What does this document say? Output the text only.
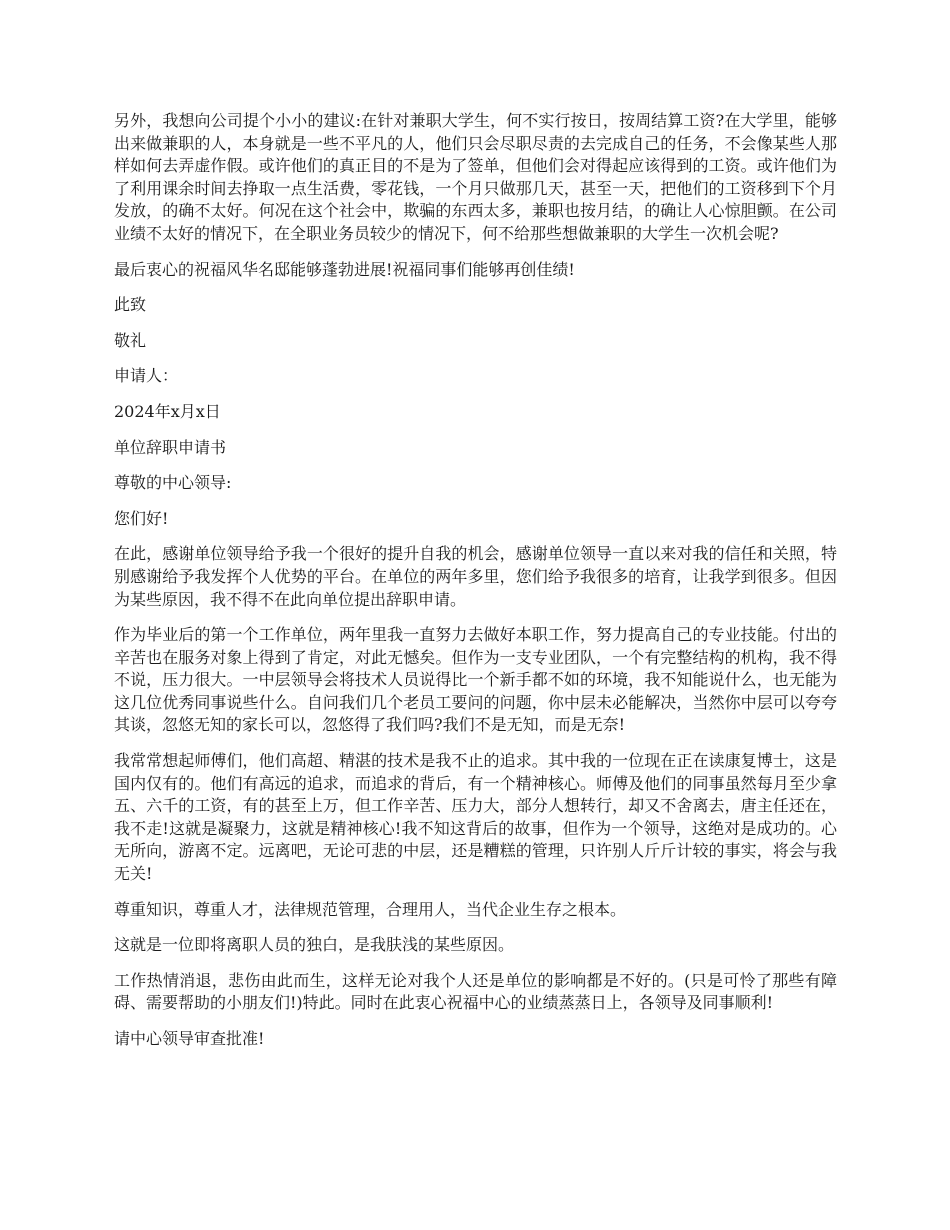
另外，我想向公司提个小小的建议:在针对兼职大学生，何不实行按日，按周结算工资?在大学里，能够出来做兼职的人，本身就是一些不平凡的人，他们只会尽职尽责的去完成自己的任务，不会像某些人那样如何去弄虚作假。或许他们的真正目的不是为了签单，但他们会对得起应该得到的工资。或许他们为了利用课余时间去挣取一点生活费，零花钱，一个月只做那几天，甚至一天，把他们的工资移到下个月发放，的确不太好。何况在这个社会中，欺骗的东西太多，兼职也按月结，的确让人心惊胆颤。在公司业绩不太好的情况下，在全职业务员较少的情况下，何不给那些想做兼职的大学生一次机会呢?

最后衷心的祝福风华名邸能够蓬勃进展!祝福同事们能够再创佳绩!

此致

敬礼

申请人：

2024年x月x日

单位辞职申请书

尊敬的中心领导:

您们好!

在此，感谢单位领导给予我一个很好的提升自我的机会，感谢单位领导一直以来对我的信任和关照，特别感谢给予我发挥个人优势的平台。在单位的两年多里，您们给予我很多的培育，让我学到很多。但因为某些原因，我不得不在此向单位提出辞职申请。

作为毕业后的第一个工作单位，两年里我一直努力去做好本职工作，努力提高自己的专业技能。付出的辛苦也在服务对象上得到了肯定，对此无憾矣。但作为一支专业团队，一个有完整结构的机构，我不得不说，压力很大。一中层领导会将技术人员说得比一个新手都不如的环境，我不知能说什么，也无能为这几位优秀同事说些什么。自问我们几个老员工要问的问题，你中层未必能解决，当然你中层可以夸夸其谈，忽悠无知的家长可以，忽悠得了我们吗?我们不是无知，而是无奈!

我常常想起师傅们，他们高超、精湛的技术是我不止的追求。其中我的一位现在正在读康复博士，这是国内仅有的。他们有高远的追求，而追求的背后，有一个精神核心。师傅及他们的同事虽然每月至少拿五、六千的工资，有的甚至上万，但工作辛苦、压力大，部分人想转行，却又不舍离去，唐主任还在，我不走!这就是凝聚力，这就是精神核心!我不知这背后的故事，但作为一个领导，这绝对是成功的。心无所向，游离不定。远离吧，无论可悲的中层，还是糟糕的管理，只许别人斤斤计较的事实，将会与我无关!

尊重知识，尊重人才，法律规范管理，合理用人，当代企业生存之根本。

这就是一位即将离职人员的独白，是我肤浅的某些原因。

工作热情消退，悲伤由此而生，这样无论对我个人还是单位的影响都是不好的。(只是可怜了那些有障碍、需要帮助的小朋友们!)特此。同时在此衷心祝福中心的业绩蒸蒸日上，各领导及同事顺利!

请中心领导审查批准!
